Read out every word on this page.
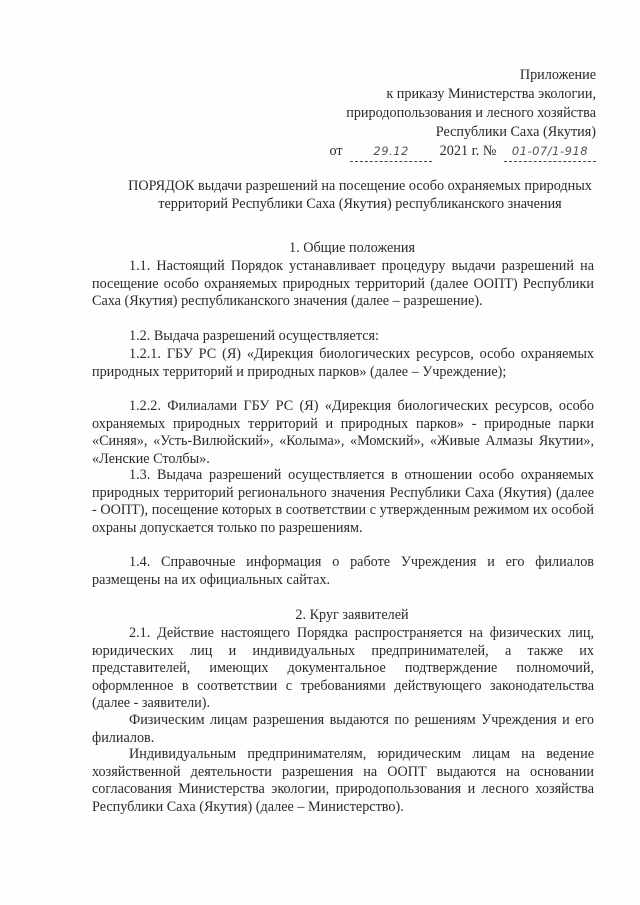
Приложение
к приказу Министерства экологии,
природопользования и лесного хозяйства
Республики Саха (Якутия)
от	29.12 2021 г. № 01-07/1-918
ПОРЯДОК выдачи разрешений на посещение особо охраняемых природных территорий Республики Саха (Якутия) республиканского значения
1. Общие положения

1.1. Настоящий Порядок устанавливает процедуру выдачи разрешений на посещение особо охраняемых природных территорий (далее ООПТ) Республики Саха (Якутия) республиканского значения (далее – разрешение).

1.2. Выдача разрешений осуществляется:

1.2.1. ГБУ РС (Я) «Дирекция биологических ресурсов, особо охраняемых природных территорий и природных парков» (далее – Учреждение);

1.2.2. Филиалами ГБУ РС (Я) «Дирекция биологических ресурсов, особо охраняемых природных территорий и природных парков» - природные парки «Синяя», «Усть-Вилюйский», «Колыма», «Момский», «Живые Алмазы Якутии», «Ленские Столбы».

1.3. Выдача разрешений осуществляется в отношении особо охраняемых природных территорий регионального значения Республики Саха (Якутия) (далее - ООПТ), посещение которых в соответствии с утвержденным режимом их особой охраны допускается только по разрешениям.

1.4. Справочные информация о работе Учреждения и его филиалов размещены на их официальных сайтах.

2. Круг заявителей

2.1. Действие настоящего Порядка распространяется на физических лиц, юридических лиц и индивидуальных предпринимателей, а также их представителей, имеющих документальное подтверждение полномочий, оформленное в соответствии с требованиями действующего законодательства (далее - заявители).

Физическим лицам разрешения выдаются по решениям Учреждения и его филиалов.

Индивидуальным предпринимателям, юридическим лицам на ведение хозяйственной деятельности разрешения на ООПТ выдаются на основании согласования Министерства экологии, природопользования и лесного хозяйства Республики Саха (Якутия) (далее – Министерство).
